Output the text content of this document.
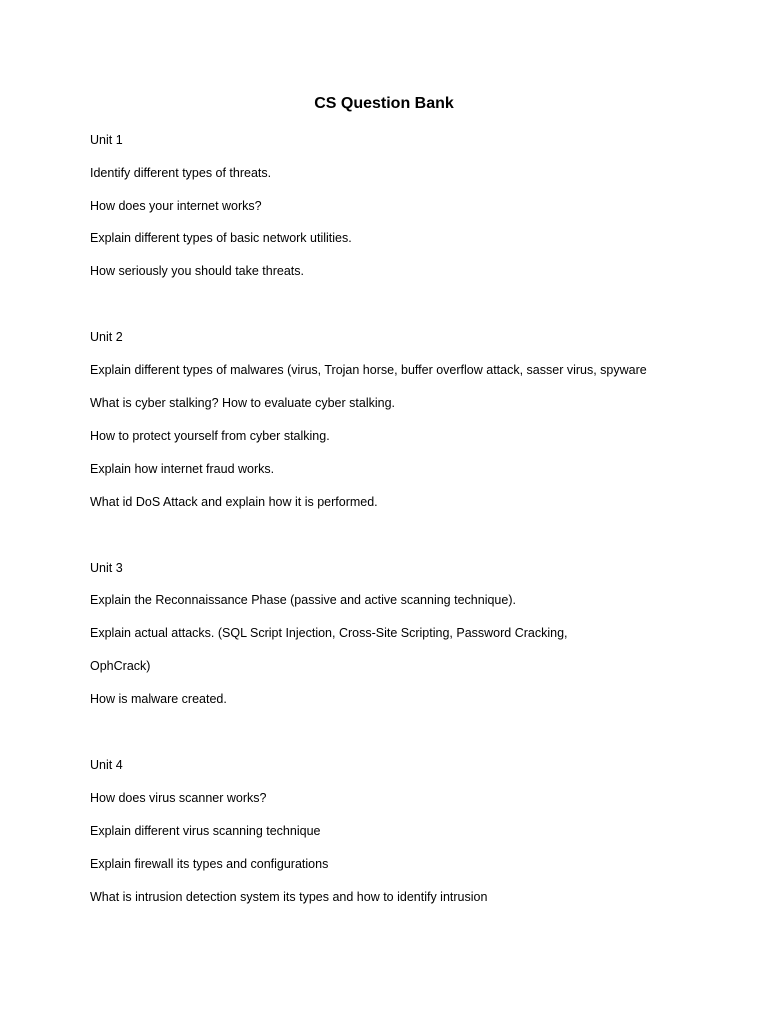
CS Question Bank
Unit 1
Identify different types of threats.
How does your internet works?
Explain different types of basic network utilities.
How seriously you should take threats.
Unit 2
Explain different types of malwares (virus, Trojan horse, buffer overflow attack, sasser virus, spyware
What is cyber stalking? How to evaluate cyber stalking.
How to protect yourself from cyber stalking.
Explain how internet fraud works.
What id DoS Attack and explain how it is performed.
Unit 3
Explain the Reconnaissance Phase (passive and active scanning technique).
Explain actual attacks. (SQL Script Injection, Cross-Site Scripting, Password Cracking,
OphCrack)
How is malware created.
Unit 4
How does virus scanner works?
Explain different virus scanning technique
Explain firewall its types and configurations
What is intrusion detection system its types and how to identify intrusion
